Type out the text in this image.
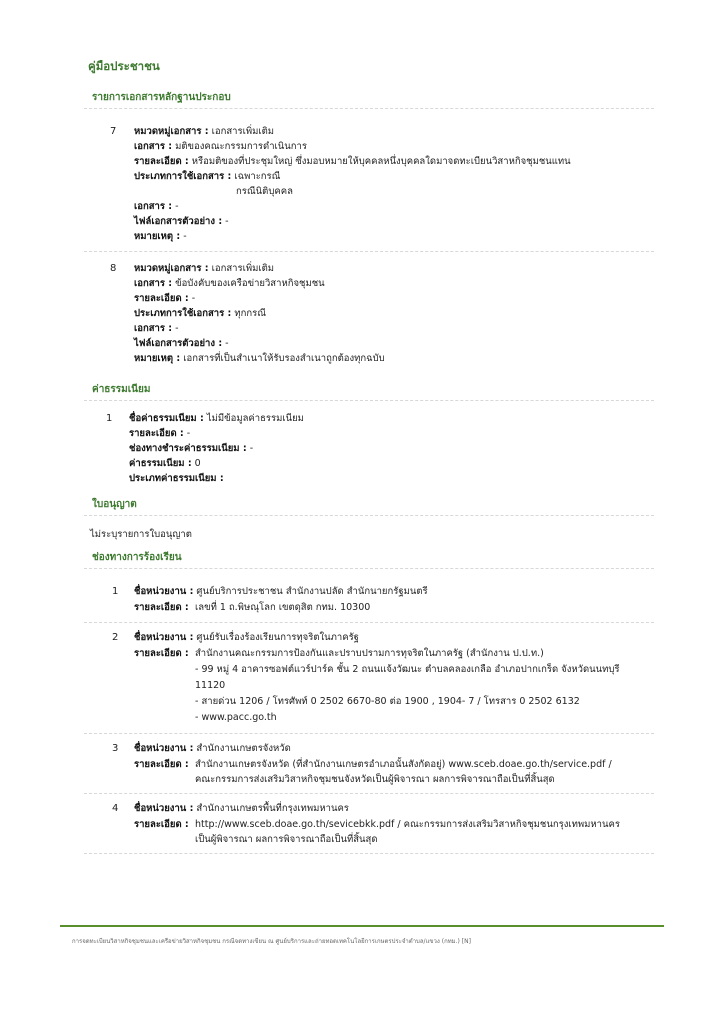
คู่มือประชาชน
รายการเอกสารหลักฐานประกอบ
7 หมวดหมู่เอกสาร : เอกสารเพิ่มเติม
เอกสาร : มติของคณะกรรมการดำเนินการ
รายละเอียด : หรือมติของที่ประชุมใหญ่ ซึ่งมอบหมายให้บุคคลหนึ่งบุคคลใดมาจดทะเบียนวิสาหกิจชุมชนแทน
ประเภทการใช้เอกสาร : เฉพาะกรณี
กรณีนิติบุคคล
เอกสาร : -
ไฟล์เอกสารตัวอย่าง : -
หมายเหตุ : -
8 หมวดหมู่เอกสาร : เอกสารเพิ่มเติม
เอกสาร : ข้อบังคับของเครือข่ายวิสาหกิจชุมชน
รายละเอียด : -
ประเภทการใช้เอกสาร : ทุกกรณี
เอกสาร : -
ไฟล์เอกสารตัวอย่าง : -
หมายเหตุ : เอกสารที่เป็นสำเนาให้รับรองสำเนาถูกต้องทุกฉบับ
ค่าธรรมเนียม
1 ชื่อค่าธรรมเนียม : ไม่มีข้อมูลค่าธรรมเนียม
รายละเอียด : -
ช่องทางชำระค่าธรรมเนียม : -
ค่าธรรมเนียม : 0
ประเภทค่าธรรมเนียม :
ใบอนุญาต
ไม่ระบุรายการใบอนุญาต
ช่องทางการร้องเรียน
1 ชื่อหน่วยงาน : ศูนย์บริการประชาชน สำนักงานปลัด สำนักนายกรัฐมนตรี
รายละเอียด : เลขที่ 1 ถ.พิษณุโลก เขตดุสิต กทม. 10300
2 ชื่อหน่วยงาน : ศูนย์รับเรื่องร้องเรียนการทุจริตในภาครัฐ
รายละเอียด : สำนักงานคณะกรรมการป้องกันและปราบปรามการทุจริตในภาครัฐ (สำนักงาน ป.ป.ท.)
- 99 หมู่ 4 อาคารซอฟต์แวร์ปาร์ค ชั้น 2 ถนนแจ้งวัฒนะ ตำบลคลองเกลือ อำเภอปากเกร็ด จังหวัดนนทบุรี
11120
- สายด่วน 1206 / โทรศัพท์ 0 2502 6670-80 ต่อ 1900 , 1904- 7 / โทรสาร 0 2502 6132
- www.pacc.go.th
3 ชื่อหน่วยงาน : สำนักงานเกษตรจังหวัด
รายละเอียด : สำนักงานเกษตรจังหวัด (ที่สำนักงานเกษตรอำเภอนั้นสังกัดอยู่) www.sceb.doae.go.th/service.pdf /
คณะกรรมการส่งเสริมวิสาหกิจชุมชนจังหวัดเป็นผู้พิจารณา ผลการพิจารณาถือเป็นที่สิ้นสุด
4 ชื่อหน่วยงาน : สำนักงานเกษตรพื้นที่กรุงเทพมหานคร
รายละเอียด : http://www.sceb.doae.go.th/sevicebkk.pdf / คณะกรรมการส่งเสริมวิสาหกิจชุมชนกรุงเทพมหานคร
เป็นผู้พิจารณา ผลการพิจารณาถือเป็นที่สิ้นสุด
การจดทะเบียนวิสาหกิจชุมชนและเครือข่ายวิสาหกิจชุมชน กรณีจดทางเขียน ณ ศูนย์บริการและถ่ายทอดเทคโนโลยีการเกษตรประจำตำบล/แขวง (กทม.) [N]
